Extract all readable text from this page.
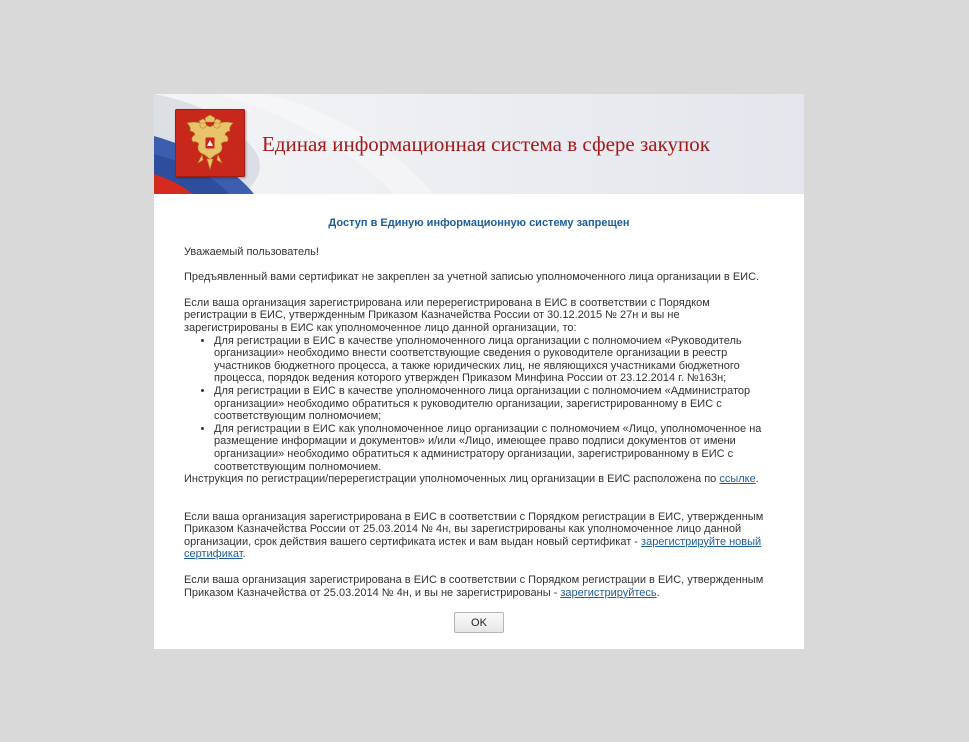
Единая информационная система в сфере закупок
Доступ в Единую информационную систему запрещен

Уважаемый пользователь!

Предъявленный вами сертификат не закреплен за учетной записью уполномоченного лица организации в ЕИС.

Если ваша организация зарегистрирована или перерегистрирована в ЕИС в соответствии с Порядком регистрации в ЕИС, утвержденным Приказом Казначейства России от 30.12.2015 № 27н и вы не зарегистрированы в ЕИС как уполномоченное лицо данной организации, то:
• Для регистрации в ЕИС в качестве уполномоченного лица организации с полномочием «Руководитель организации» необходимо внести соответствующие сведения о руководителе организации в реестр участников бюджетного процесса, а также юридических лиц, не являющихся участниками бюджетного процесса, порядок ведения которого утвержден Приказом Минфина России от 23.12.2014 г. №163н;
• Для регистрации в ЕИС в качестве уполномоченного лица организации с полномочием «Администратор организации» необходимо обратиться к руководителю организации, зарегистрированному в ЕИС с соответствующим полномочием;
• Для регистрации в ЕИС как уполномоченное лицо организации с полномочием «Лицо, уполномоченное на размещение информации и документов» и/или «Лицо, имеющее право подписи документов от имени организации» необходимо обратиться к администратору организации, зарегистрированному в ЕИС с соответствующим полномочием.
Инструкция по регистрации/перерегистрации уполномоченных лиц организации в ЕИС расположена по ссылке.

Если ваша организация зарегистрирована в ЕИС в соответствии с Порядком регистрации в ЕИС, утвержденным Приказом Казначейства России от 25.03.2014 № 4н, вы зарегистрированы как уполномоченное лицо данной организации, срок действия вашего сертификата истек и вам выдан новый сертификат - зарегистрируйте новый сертификат.

Если ваша организация зарегистрирована в ЕИС в соответствии с Порядком регистрации в ЕИС, утвержденным Приказом Казначейства от 25.03.2014 № 4н, и вы не зарегистрированы - зарегистрируйтесь.

OK
